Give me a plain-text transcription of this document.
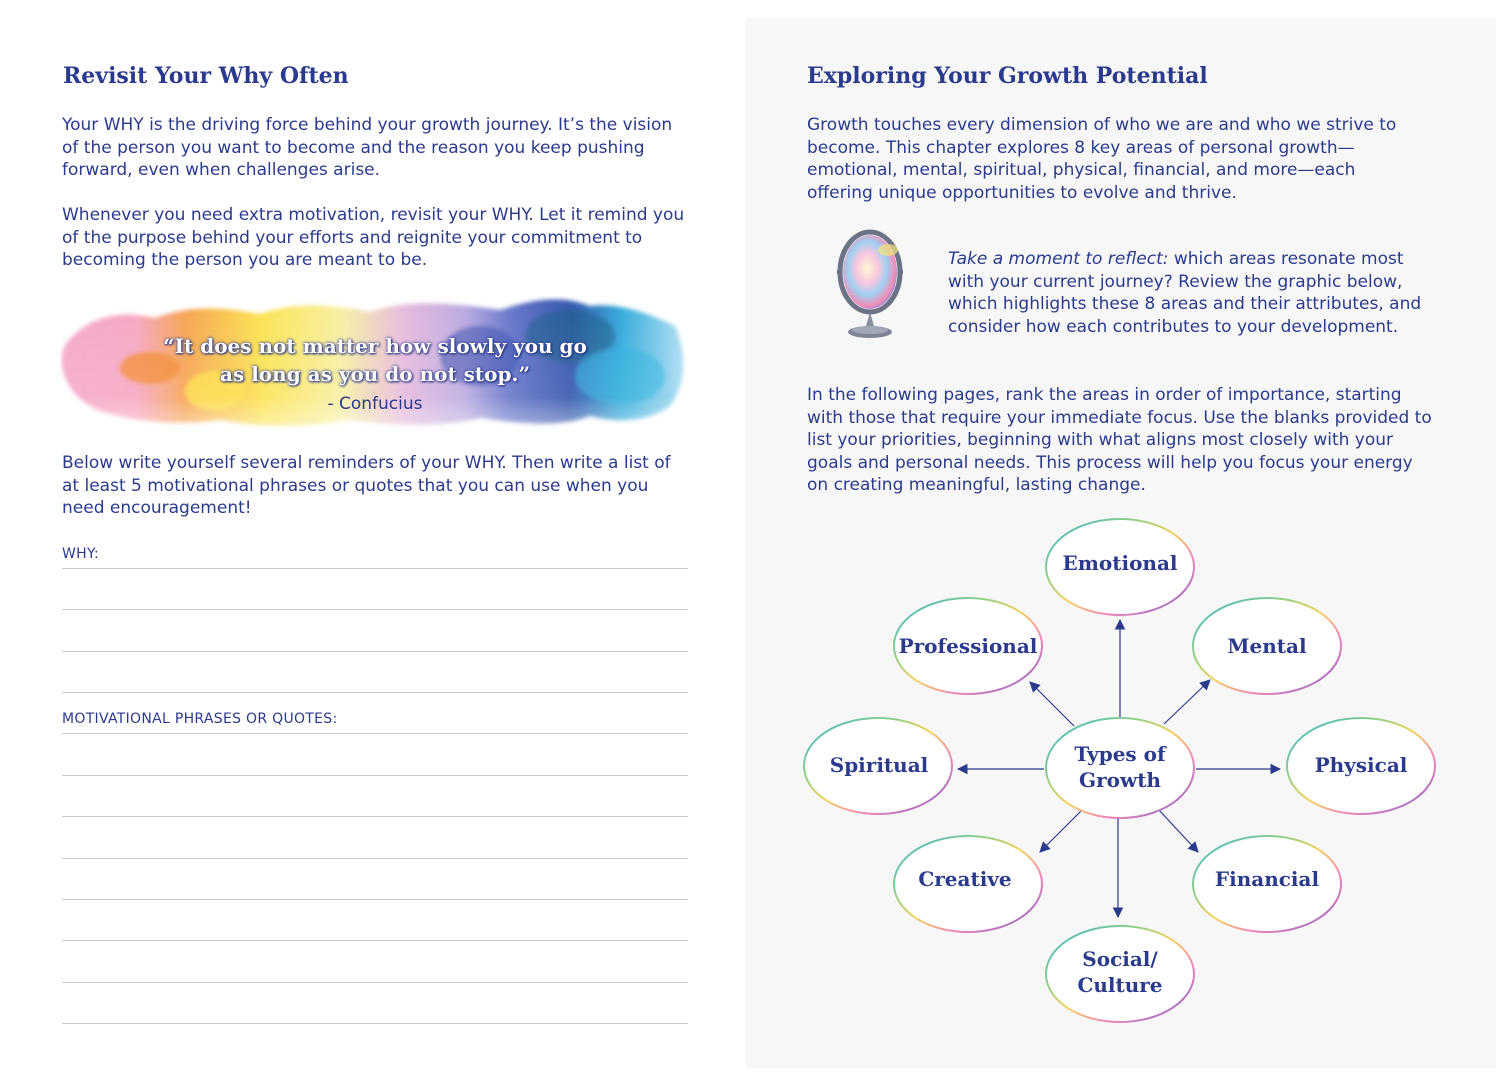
Revisit Your Why Often

Your WHY is the driving force behind your growth journey. It’s the vision of the person you want to become and the reason you keep pushing forward, even when challenges arise.

Whenever you need extra motivation, revisit your WHY. Let it remind you of the purpose behind your efforts and reignite your commitment to becoming the person you are meant to be.

“It does not matter how slowly you go
as long as you do not stop.”
- Confucius

Below write yourself several reminders of your WHY. Then write a list of at least 5 motivational phrases or quotes that you can use when you need encouragement!

WHY:
MOTIVATIONAL PHRASES OR QUOTES:
Exploring Your Growth Potential

Growth touches every dimension of who we are and who we strive to become. This chapter explores 8 key areas of personal growth—emotional, mental, spiritual, physical, financial, and more—each offering unique opportunities to evolve and thrive.

Take a moment to reflect: which areas resonate most with your current journey? Review the graphic below, which highlights these 8 areas and their attributes, and consider how each contributes to your development.

In the following pages, rank the areas in order of importance, starting with those that require your immediate focus. Use the blanks provided to list your priorities, beginning with what aligns most closely with your goals and personal needs. This process will help you focus your energy on creating meaningful, lasting change.

Emotional
Mental
Physical
Financial
Social/
Culture
Creative
Spiritual
Professional
Types of
Growth
